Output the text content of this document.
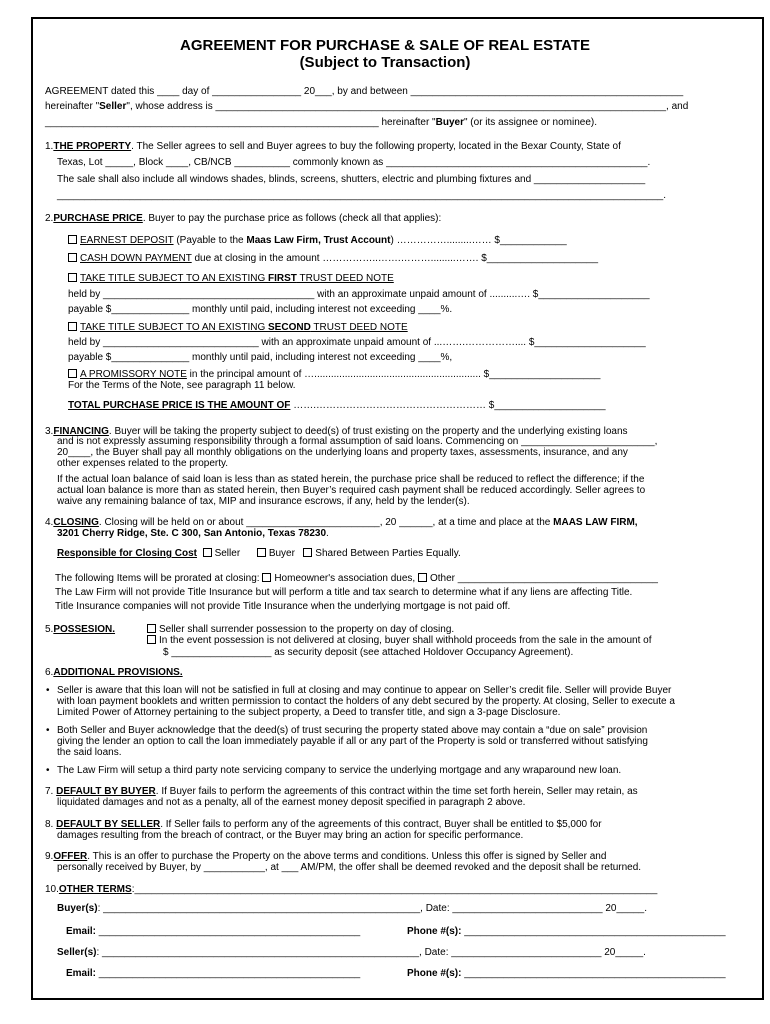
AGREEMENT FOR PURCHASE & SALE OF REAL ESTATE
(Subject to Transaction)
AGREEMENT dated this ____ day of ________________ 20___, by and between _________________________________________________
hereinafter "Seller", whose address is _________________________________________________________________________________, and
____________________________________________________________ hereinafter "Buyer" (or its assignee or nominee).
1.THE PROPERTY. The Seller agrees to sell and Buyer agrees to buy the following property, located in the Bexar County, State of
Texas, Lot _____, Block ____, CB/NCB __________ commonly known as _______________________________________________.
The sale shall also include all windows shades, blinds, screens, shutters, electric and plumbing fixtures and ____________________
_____________________________________________________________________________________________________________.
2.PURCHASE PRICE. Buyer to pay the purchase price as follows (check all that applies):
EARNEST DEPOSIT (Payable to the Maas Law Firm, Trust Account) …………….........…… $____________
CASH DOWN PAYMENT due at closing in the amount ……………..…….……….........……. $____________________
TAKE TITLE SUBJECT TO AN EXISTING FIRST TRUST DEED NOTE
held by ______________________________________ with an approximate unpaid amount of ..........…. $____________________
payable $______________ monthly until paid, including interest not exceeding ____%.
TAKE TITLE SUBJECT TO AN EXISTING SECOND TRUST DEED NOTE
held by ____________________________ with an approximate unpaid amount of ...…….…………….... $____________________
payable $______________ monthly until paid, including interest not exceeding ____%,
A PROMISSORY NOTE in the principal amount of …............................................................ $____________________
For the Terms of the Note, see paragraph 11 below.
TOTAL PURCHASE PRICE IS THE AMOUNT OF …….…………………………………………… $____________________
3.FINANCING. Buyer will be taking the property subject to deed(s) of trust existing on the property and the underlying existing loans
and is not expressly assuming responsibility through a formal assumption of said loans. Commencing on ________________________,
20____, the Buyer shall pay all monthly obligations on the underlying loans and property taxes, assessments, insurance, and any
other expenses related to the property.
If the actual loan balance of said loan is less than as stated herein, the purchase price shall be reduced to reflect the difference; if the
actual loan balance is more than as stated herein, then Buyer’s required cash payment shall be reduced accordingly. Seller agrees to
waive any remaining balance of tax, MIP and insurance escrows, if any, held by the lender(s).
4.CLOSING. Closing will be held on or about ________________________, 20 ______, at a time and place at the MAAS LAW FIRM,
3201 Cherry Ridge, Ste. C 300, San Antonio, Texas 78230.
Responsible for Closing Cost Seller	Buyer Shared Between Parties Equally.
The following Items will be prorated at closing: Homeowner's association dues, Other ____________________________________
The Law Firm will not provide Title Insurance but will perform a title and tax search to determine what if any liens are affecting Title.
Title Insurance companies will not provide Title Insurance when the underlying mortgage is not paid off.
5.POSSESION.	Seller shall surrender possession to the property on day of closing.
In the event possession is not delivered at closing, buyer shall withhold proceeds from the sale in the amount of
$ __________________ as security deposit (see attached Holdover Occupancy Agreement).
6.ADDITIONAL PROVISIONS.
• Seller is aware that this loan will not be satisfied in full at closing and may continue to appear on Seller’s credit file. Seller will provide Buyer
with loan payment booklets and written permission to contact the holders of any debt secured by the property. At closing, Seller to execute a
Limited Power of Attorney pertaining to the subject property, a Deed to transfer title, and sign a 3-page Disclosure.
• Both Seller and Buyer acknowledge that the deed(s) of trust securing the property stated above may contain a “due on sale” provision
giving the lender an option to call the loan immediately payable if all or any part of the Property is sold or transferred without satisfying
the said loans.
• The Law Firm will setup a third party note servicing company to service the underlying mortgage and any wraparound new loan.
7. DEFAULT BY BUYER. If Buyer fails to perform the agreements of this contract within the time set forth herein, Seller may retain, as
liquidated damages and not as a penalty, all of the earnest money deposit specified in paragraph 2 above.
8. DEFAULT BY SELLER. If Seller fails to perform any of the agreements of this contract, Buyer shall be entitled to $5,000 for
damages resulting from the breach of contract, or the Buyer may bring an action for specific performance.
9.OFFER. This is an offer to purchase the Property on the above terms and conditions. Unless this offer is signed by Seller and
personally received by Buyer, by ___________, at ___ AM/PM, the offer shall be deemed revoked and the deposit shall be returned.
10.OTHER TERMS:______________________________________________________________________________________________
Buyer(s): _________________________________________________________, Date: ___________________________ 20_____.
Email: _______________________________________________	Phone #(s): _______________________________________________
Seller(s): _________________________________________________________, Date: ___________________________ 20_____.
Email: _______________________________________________	Phone #(s): _______________________________________________
